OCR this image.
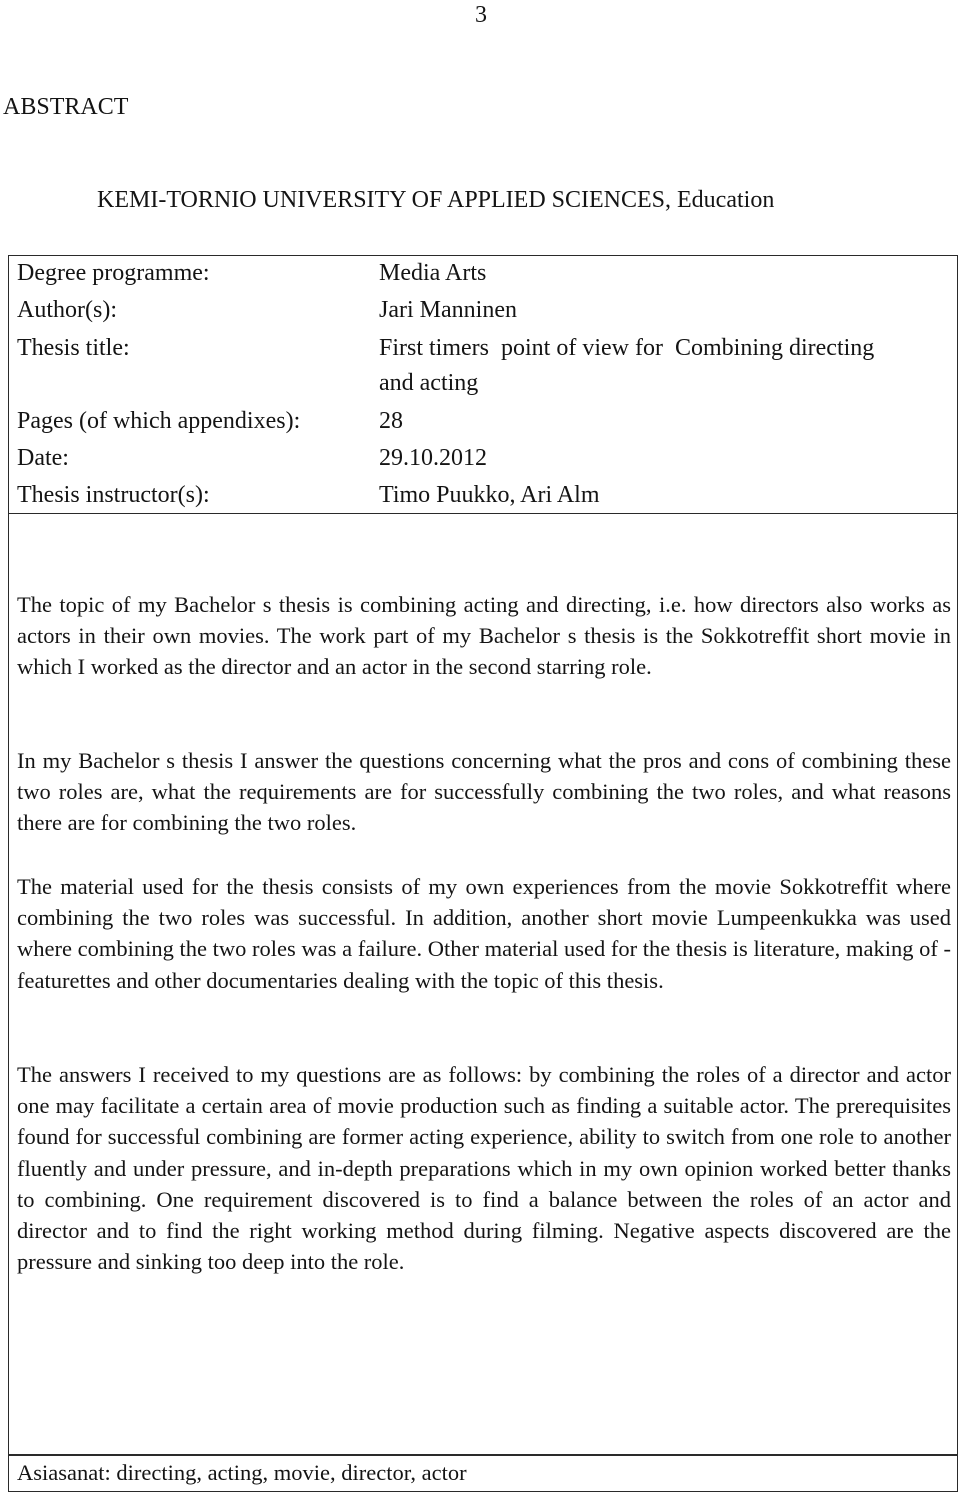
3
ABSTRACT
KEMI-TORNIO UNIVERSITY OF APPLIED SCIENCES, Education
Degree programme:	Media Arts
Author(s):	Jari Manninen
Thesis title:	First timers  point of view for  Combining directing
and acting
Pages (of which appendixes):	28
Date:	29.10.2012
Thesis instructor(s):	Timo Puukko, Ari Alm

The topic of my Bachelor s thesis is combining acting and directing, i.e. how directors also works as actors in their own movies. The work part of my Bachelor s thesis is the Sokkotreffit short movie in which I worked as the director and an actor in the second starring role.

In my Bachelor s thesis I answer the questions concerning what the pros and cons of combining these two roles are, what the requirements are for successfully combining the two roles, and what reasons there are for combining the two roles.

The material used for the thesis consists of my own experiences from the movie Sokkotreffit where combining the two roles was successful. In addition, another short movie Lumpeenkukka was used where combining the two roles was a failure. Other material used for the thesis is literature, making of -featurettes and other documentaries dealing with the topic of this thesis.

The answers I received to my questions are as follows: by combining the roles of a director and actor one may facilitate a certain area of movie production such as finding a suitable actor. The prerequisites found for successful combining are former acting experience, ability to switch from one role to another fluently and under pressure, and in-depth preparations which in my own opinion worked better thanks to combining. One requirement discovered is to find a balance between the roles of an actor and director and to find the right working method during filming. Negative aspects discovered are the pressure and sinking too deep into the role.

Asiasanat: directing, acting, movie, director, actor
